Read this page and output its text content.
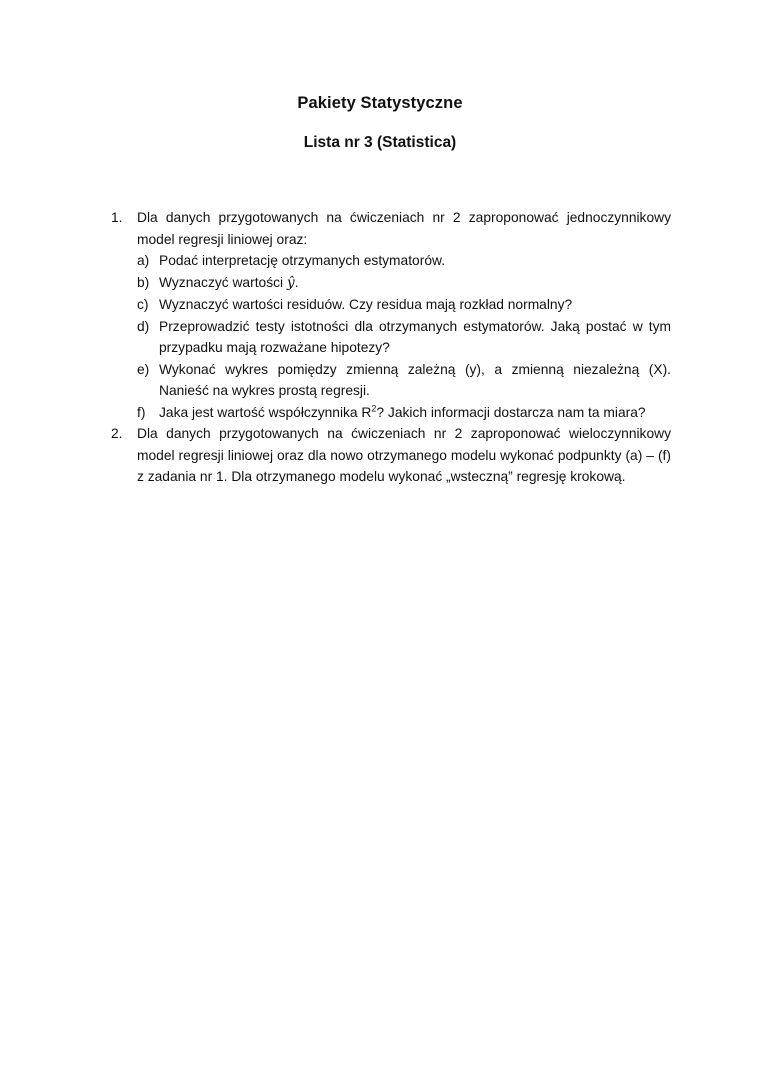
Pakiety Statystyczne
Lista nr 3 (Statistica)
1. Dla danych przygotowanych na ćwiczeniach nr 2 zaproponować jednoczynnikowy model regresji liniowej oraz:
a) Podać interpretację otrzymanych estymatorów.
b) Wyznaczyć wartości ŷ.
c) Wyznaczyć wartości residuów. Czy residua mają rozkład normalny?
d) Przeprowadzić testy istotności dla otrzymanych estymatorów. Jaką postać w tym przypadku mają rozważane hipotezy?
e) Wykonać wykres pomiędzy zmienną zależną (y), a zmienną niezależną (X). Nanieść na wykres prostą regresji.
f) Jaka jest wartość współczynnika $R^2$? Jakich informacji dostarcza nam ta miara?
2. Dla danych przygotowanych na ćwiczeniach nr 2 zaproponować wieloczynnikowy model regresji liniowej oraz dla nowo otrzymanego modelu wykonać podpunkty (a) – (f) z zadania nr 1. Dla otrzymanego modelu wykonać „wsteczną” regresję krokową.
